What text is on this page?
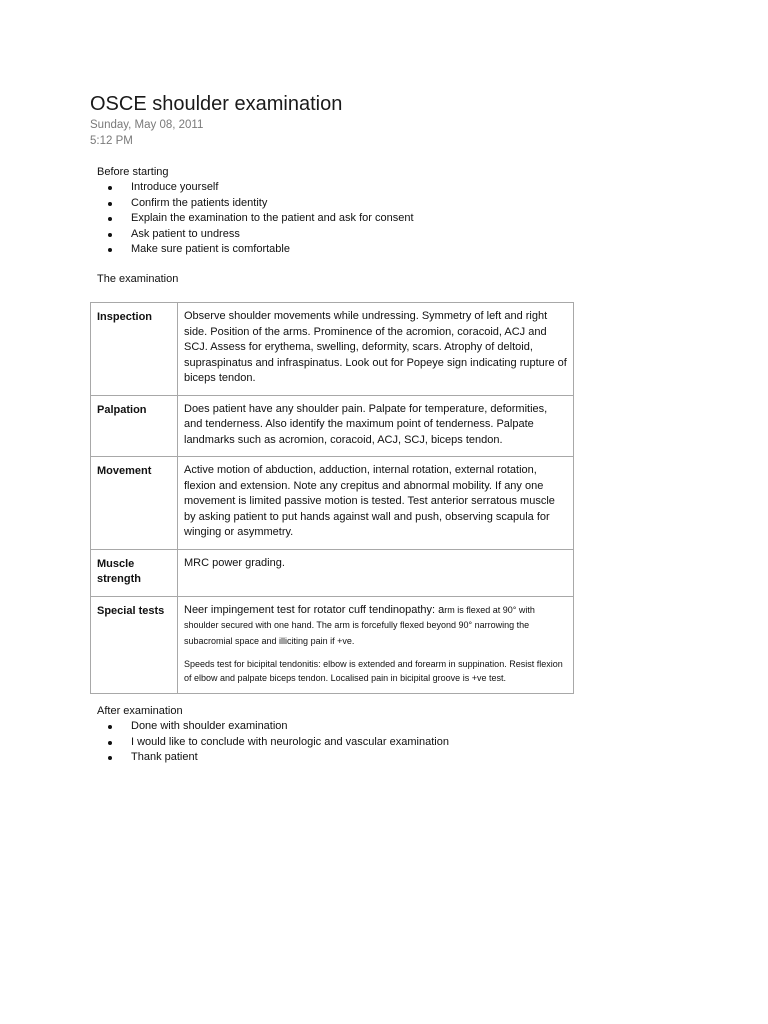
OSCE shoulder examination
Sunday, May 08, 2011
5:12 PM
Before starting
Introduce yourself
Confirm the patients identity
Explain the examination to the patient and ask for consent
Ask patient to undress
Make sure patient is comfortable
The examination
Inspection	Observe shoulder movements while undressing. Symmetry of left and right side. Position of the arms. Prominence of the acromion, coracoid, ACJ and SCJ. Assess for erythema, swelling, deformity, scars. Atrophy of deltoid, supraspinatus and infraspinatus. Look out for Popeye sign indicating rupture of biceps tendon.
Palpation	Does patient have any shoulder pain. Palpate for temperature, deformities, and tenderness. Also identify the maximum point of tenderness. Palpate landmarks such as acromion, coracoid, ACJ, SCJ, biceps tendon.
Movement	Active motion of abduction, adduction, internal rotation, external rotation, flexion and extension. Note any crepitus and abnormal mobility. If any one movement is limited passive motion is tested. Test anterior serratous muscle by asking patient to put hands against wall and push, observing scapula for winging or asymmetry.
Muscle strength	MRC power grading.
Special tests	Neer impingement test for rotator cuff tendinopathy: arm is flexed at 90° with shoulder secured with one hand. The arm is forcefully flexed beyond 90° narrowing the subacromial space and illiciting pain if +ve.
Speeds test for bicipital tendonitis: elbow is extended and forearm in suppination. Resist flexion of elbow and palpate biceps tendon. Localised pain in bicipital groove is +ve test.
After examination
Done with shoulder examination
I would like to conclude with neurologic and vascular examination
Thank patient
